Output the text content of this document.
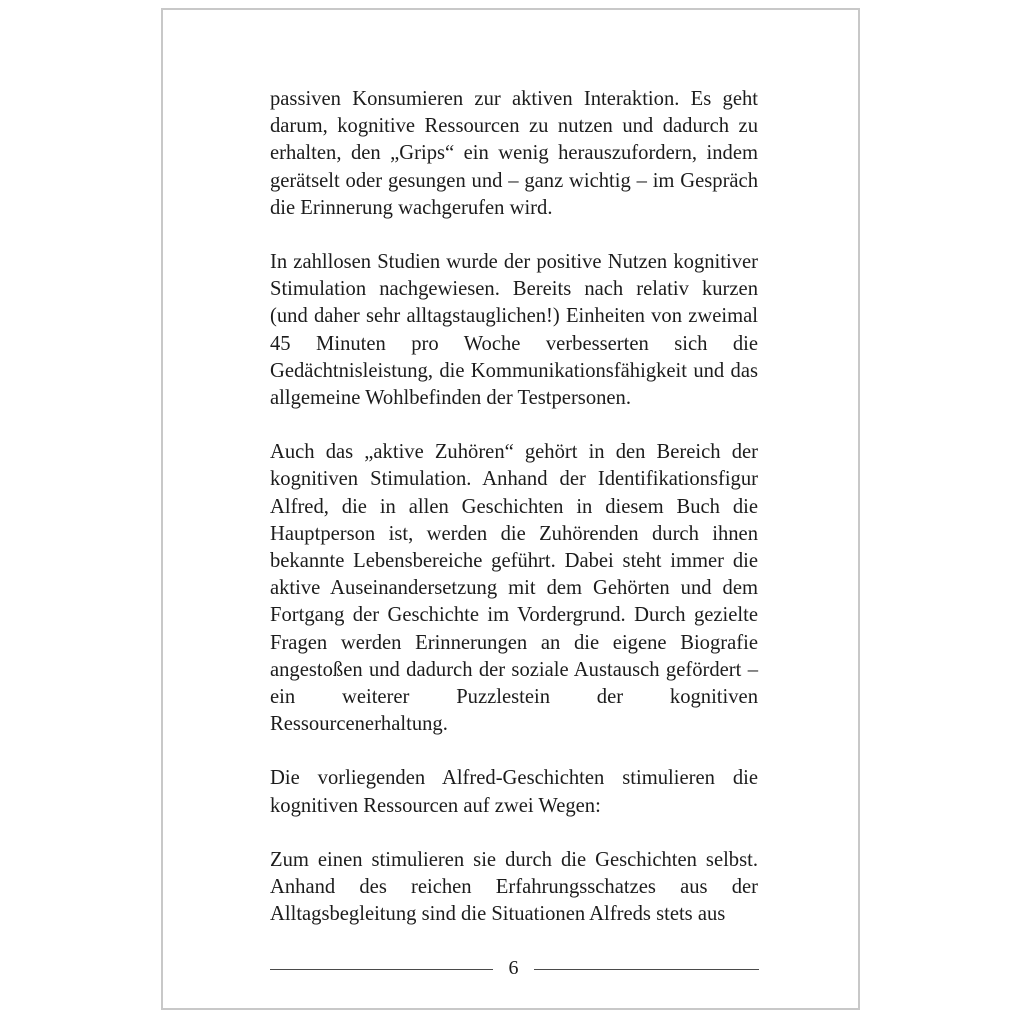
passiven Konsumieren zur aktiven Interaktion. Es geht darum, kognitive Ressourcen zu nutzen und dadurch zu erhalten, den „Grips“ ein wenig herauszufordern, indem gerätselt oder gesungen und – ganz wichtig – im Gespräch die Erinnerung wachgerufen wird.

In zahllosen Studien wurde der positive Nutzen kognitiver Stimulation nachgewiesen. Bereits nach relativ kurzen (und daher sehr alltagstauglichen!) Einheiten von zweimal 45 Minuten pro Woche verbesserten sich die Gedächtnisleistung, die Kommunikationsfähigkeit und das allgemeine Wohlbefinden der Testpersonen.

Auch das „aktive Zuhören“ gehört in den Bereich der kognitiven Stimulation. Anhand der Identifikationsfigur Alfred, die in allen Geschichten in diesem Buch die Hauptperson ist, werden die Zuhörenden durch ihnen bekannte Lebensbereiche geführt. Dabei steht immer die aktive Auseinandersetzung mit dem Gehörten und dem Fortgang der Geschichte im Vordergrund. Durch gezielte Fragen werden Erinnerungen an die eigene Biografie angestoßen und dadurch der soziale Austausch gefördert – ein weiterer Puzzlestein der kognitiven Ressourcenerhaltung.

Die vorliegenden Alfred-Geschichten stimulieren die kognitiven Ressourcen auf zwei Wegen:

Zum einen stimulieren sie durch die Geschichten selbst. Anhand des reichen Erfahrungsschatzes aus der Alltagsbegleitung sind die Situationen Alfreds stets aus

6
